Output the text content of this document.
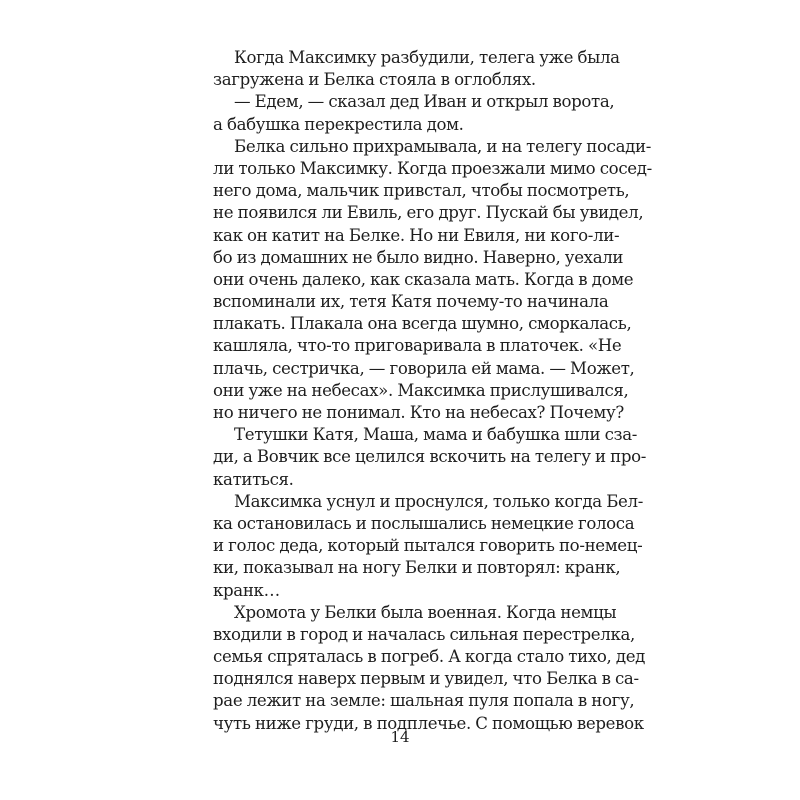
Когда Максимку разбудили, телега уже была
загружена и Белка стояла в оглоблях.
— Едем, — сказал дед Иван и открыл ворота,
а бабушка перекрестила дом.
Белка сильно прихрамывала, и на телегу посади-
ли только Максимку. Когда проезжали мимо сосед-
него дома, мальчик привстал, чтобы посмотреть,
не появился ли Евиль, его друг. Пускай бы увидел,
как он катит на Белке. Но ни Евиля, ни кого-ли-
бо из домашних не было видно. Наверно, уехали
они очень далеко, как сказала мать. Когда в доме
вспоминали их, тетя Катя почему-то начинала
плакать. Плакала она всегда шумно, сморкалась,
кашляла, что-то приговаривала в платочек. «Не
плачь, сестричка, — говорила ей мама. — Может,
они уже на небесах». Максимка прислушивался,
но ничего не понимал. Кто на небесах? Почему?
Тетушки Катя, Маша, мама и бабушка шли сза-
ди, а Вовчик все целился вскочить на телегу и про-
катиться.
Максимка уснул и проснулся, только когда Бел-
ка остановилась и послышались немецкие голоса
и голос деда, который пытался говорить по-немец-
ки, показывал на ногу Белки и повторял: кранк,
кранк…
Хромота у Белки была военная. Когда немцы
входили в город и началась сильная перестрелка,
семья спряталась в погреб. А когда стало тихо, дед
поднялся наверх первым и увидел, что Белка в са-
рае лежит на земле: шальная пуля попала в ногу,
чуть ниже груди, в подплечье. С помощью веревок
14
